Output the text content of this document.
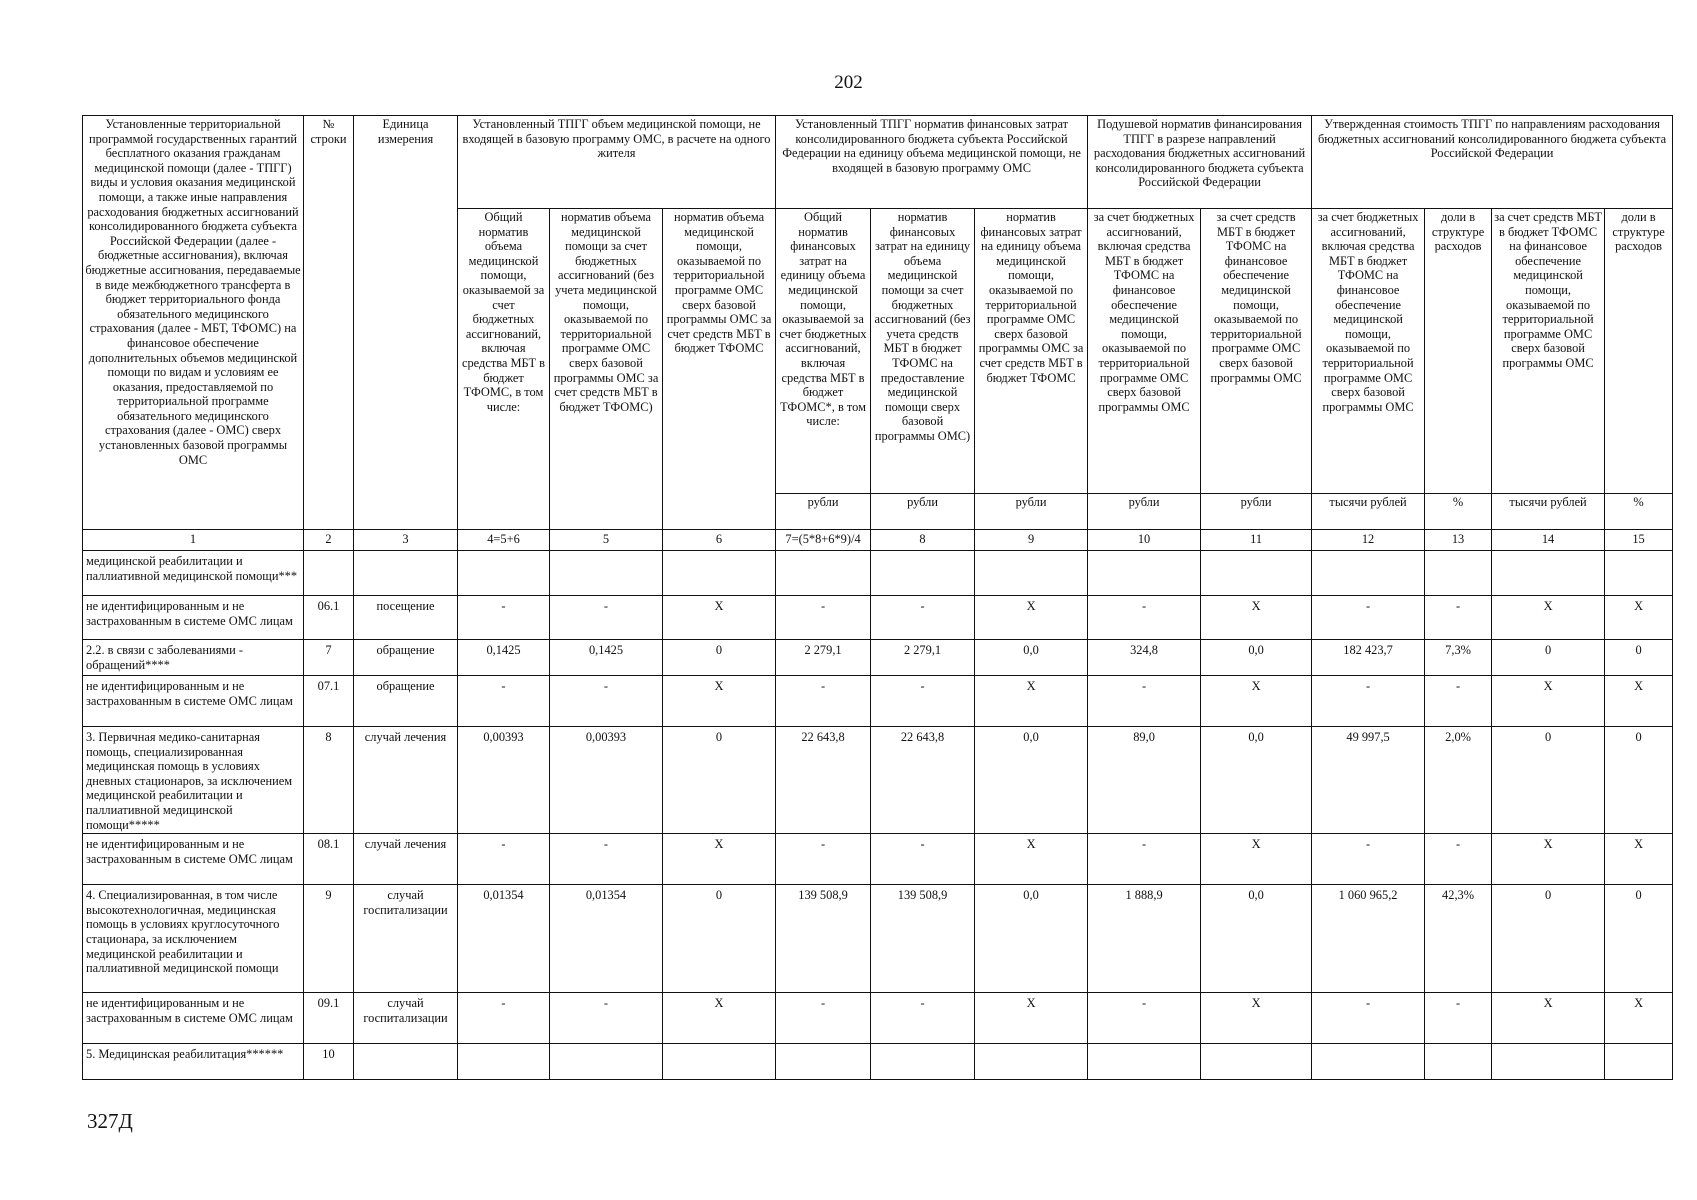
202
Установленные территориальной программой государственных гарантий бесплатного оказания гражданам медицинской помощи (далее - ТПГГ) виды и условия оказания медицинской помощи, а также иные направления расходования бюджетных ассигнований консолидированного бюджета субъекта Российской Федерации (далее - бюджетные ассигнования), включая бюджетные ассигнования, передаваемые в виде межбюджетного трансферта в бюджет территориального фонда обязательного медицинского страхования (далее - МБТ, ТФОМС) на финансовое обеспечение дополнительных объемов медицинской помощи по видам и условиям ее оказания, предоставляемой по территориальной программе обязательного медицинского страхования (далее - ОМС) сверх установленных базовой программы ОМС	№ строки	Единица измерения	Установленный ТПГГ объем медицинской помощи, не входящей в базовую программу ОМС, в расчете на одного жителя			Установленный ТПГГ норматив финансовых затрат консолидированного бюджета субъекта Российской Федерации на единицу объема медицинской помощи, не входящей в базовую программу ОМС			Подушевой норматив финансирования ТПГГ в разрезе направлений расходования бюджетных ассигнований консолидированного бюджета субъекта Российской Федерации		Утвержденная стоимость ТПГГ по направлениям расходования бюджетных ассигнований консолидированного бюджета субъекта Российской Федерации			
			Общий норматив объема медицинской помощи, оказываемой за счет бюджетных ассигнований, включая средства МБТ в бюджет ТФОМС, в том числе:	норматив объема медицинской помощи за счет бюджетных ассигнований (без учета медицинской помощи, оказываемой по территориальной программе ОМС сверх базовой программы ОМС за счет средств МБТ в бюджет ТФОМС)	норматив объема медицинской помощи, оказываемой по территориальной программе ОМС сверх базовой программы ОМС за счет средств МБТ в бюджет ТФОМС	Общий норматив финансовых затрат на единицу объема медицинской помощи, оказываемой за счет бюджетных ассигнований, включая средства МБТ в бюджет ТФОМС*, в том числе:	норматив финансовых затрат на единицу объема медицинской помощи за счет бюджетных ассигнований (без учета средств МБТ в бюджет ТФОМС на предоставление медицинской помощи сверх базовой программы ОМС)	норматив финансовых затрат на единицу объема медицинской помощи, оказываемой по территориальной программе ОМС сверх базовой программы ОМС за счет средств МБТ в бюджет ТФОМС	за счет бюджетных ассигнований, включая средства МБТ в бюджет ТФОМС на финансовое обеспечение медицинской помощи, оказываемой по территориальной программе ОМС сверх базовой программы ОМС	за счет средств МБТ в бюджет ТФОМС на финансовое обеспечение медицинской помощи, оказываемой по территориальной программе ОМС сверх базовой программы ОМС	за счет бюджетных ассигнований, включая средства МБТ в бюджет ТФОМС на финансовое обеспечение медицинской помощи, оказываемой по территориальной программе ОМС сверх базовой программы ОМС	доли в структуре расходов	за счет средств МБТ в бюджет ТФОМС на финансовое обеспечение медицинской помощи, оказываемой по территориальной программе ОМС сверх базовой программы ОМС	доли в структуре расходов
						рубли	рубли	рубли	рубли	рубли	тысячи рублей	%	тысячи рублей	%
1	2	3	4=5+6	5	6	7=(5*8+6*9)/4	8	9	10	11	12	13	14	15
медицинской реабилитации и паллиативной медицинской помощи***														
не идентифицированным и не застрахованным в системе ОМС лицам	06.1	посещение	-	-	X	-	-	X	-	X	-	-	X	X
2.2. в связи с заболеваниями - обращений****	7	обращение	0,1425	0,1425	0	2 279,1	2 279,1	0,0	324,8	0,0	182 423,7	7,3%	0	0
не идентифицированным и не застрахованным в системе ОМС лицам	07.1	обращение	-	-	X	-	-	X	-	X	-	-	X	X
3. Первичная медико-санитарная помощь, специализированная медицинская помощь в условиях дневных стационаров, за исключением медицинской реабилитации и паллиативной медицинской помощи*****	8	случай лечения	0,00393	0,00393	0	22 643,8	22 643,8	0,0	89,0	0,0	49 997,5	2,0%	0	0
не идентифицированным и не застрахованным в системе ОМС лицам	08.1	случай лечения	-	-	X	-	-	X	-	X	-	-	X	X
4. Специализированная, в том числе высокотехнологичная, медицинская помощь в условиях круглосуточного стационара, за исключением медицинской реабилитации и паллиативной медицинской помощи	9	случай госпитализации	0,01354	0,01354	0	139 508,9	139 508,9	0,0	1 888,9	0,0	1 060 965,2	42,3%	0	0
не идентифицированным и не застрахованным в системе ОМС лицам	09.1	случай госпитализации	-	-	X	-	-	X	-	X	-	-	X	X
5. Медицинская реабилитация******	10													
327Д
